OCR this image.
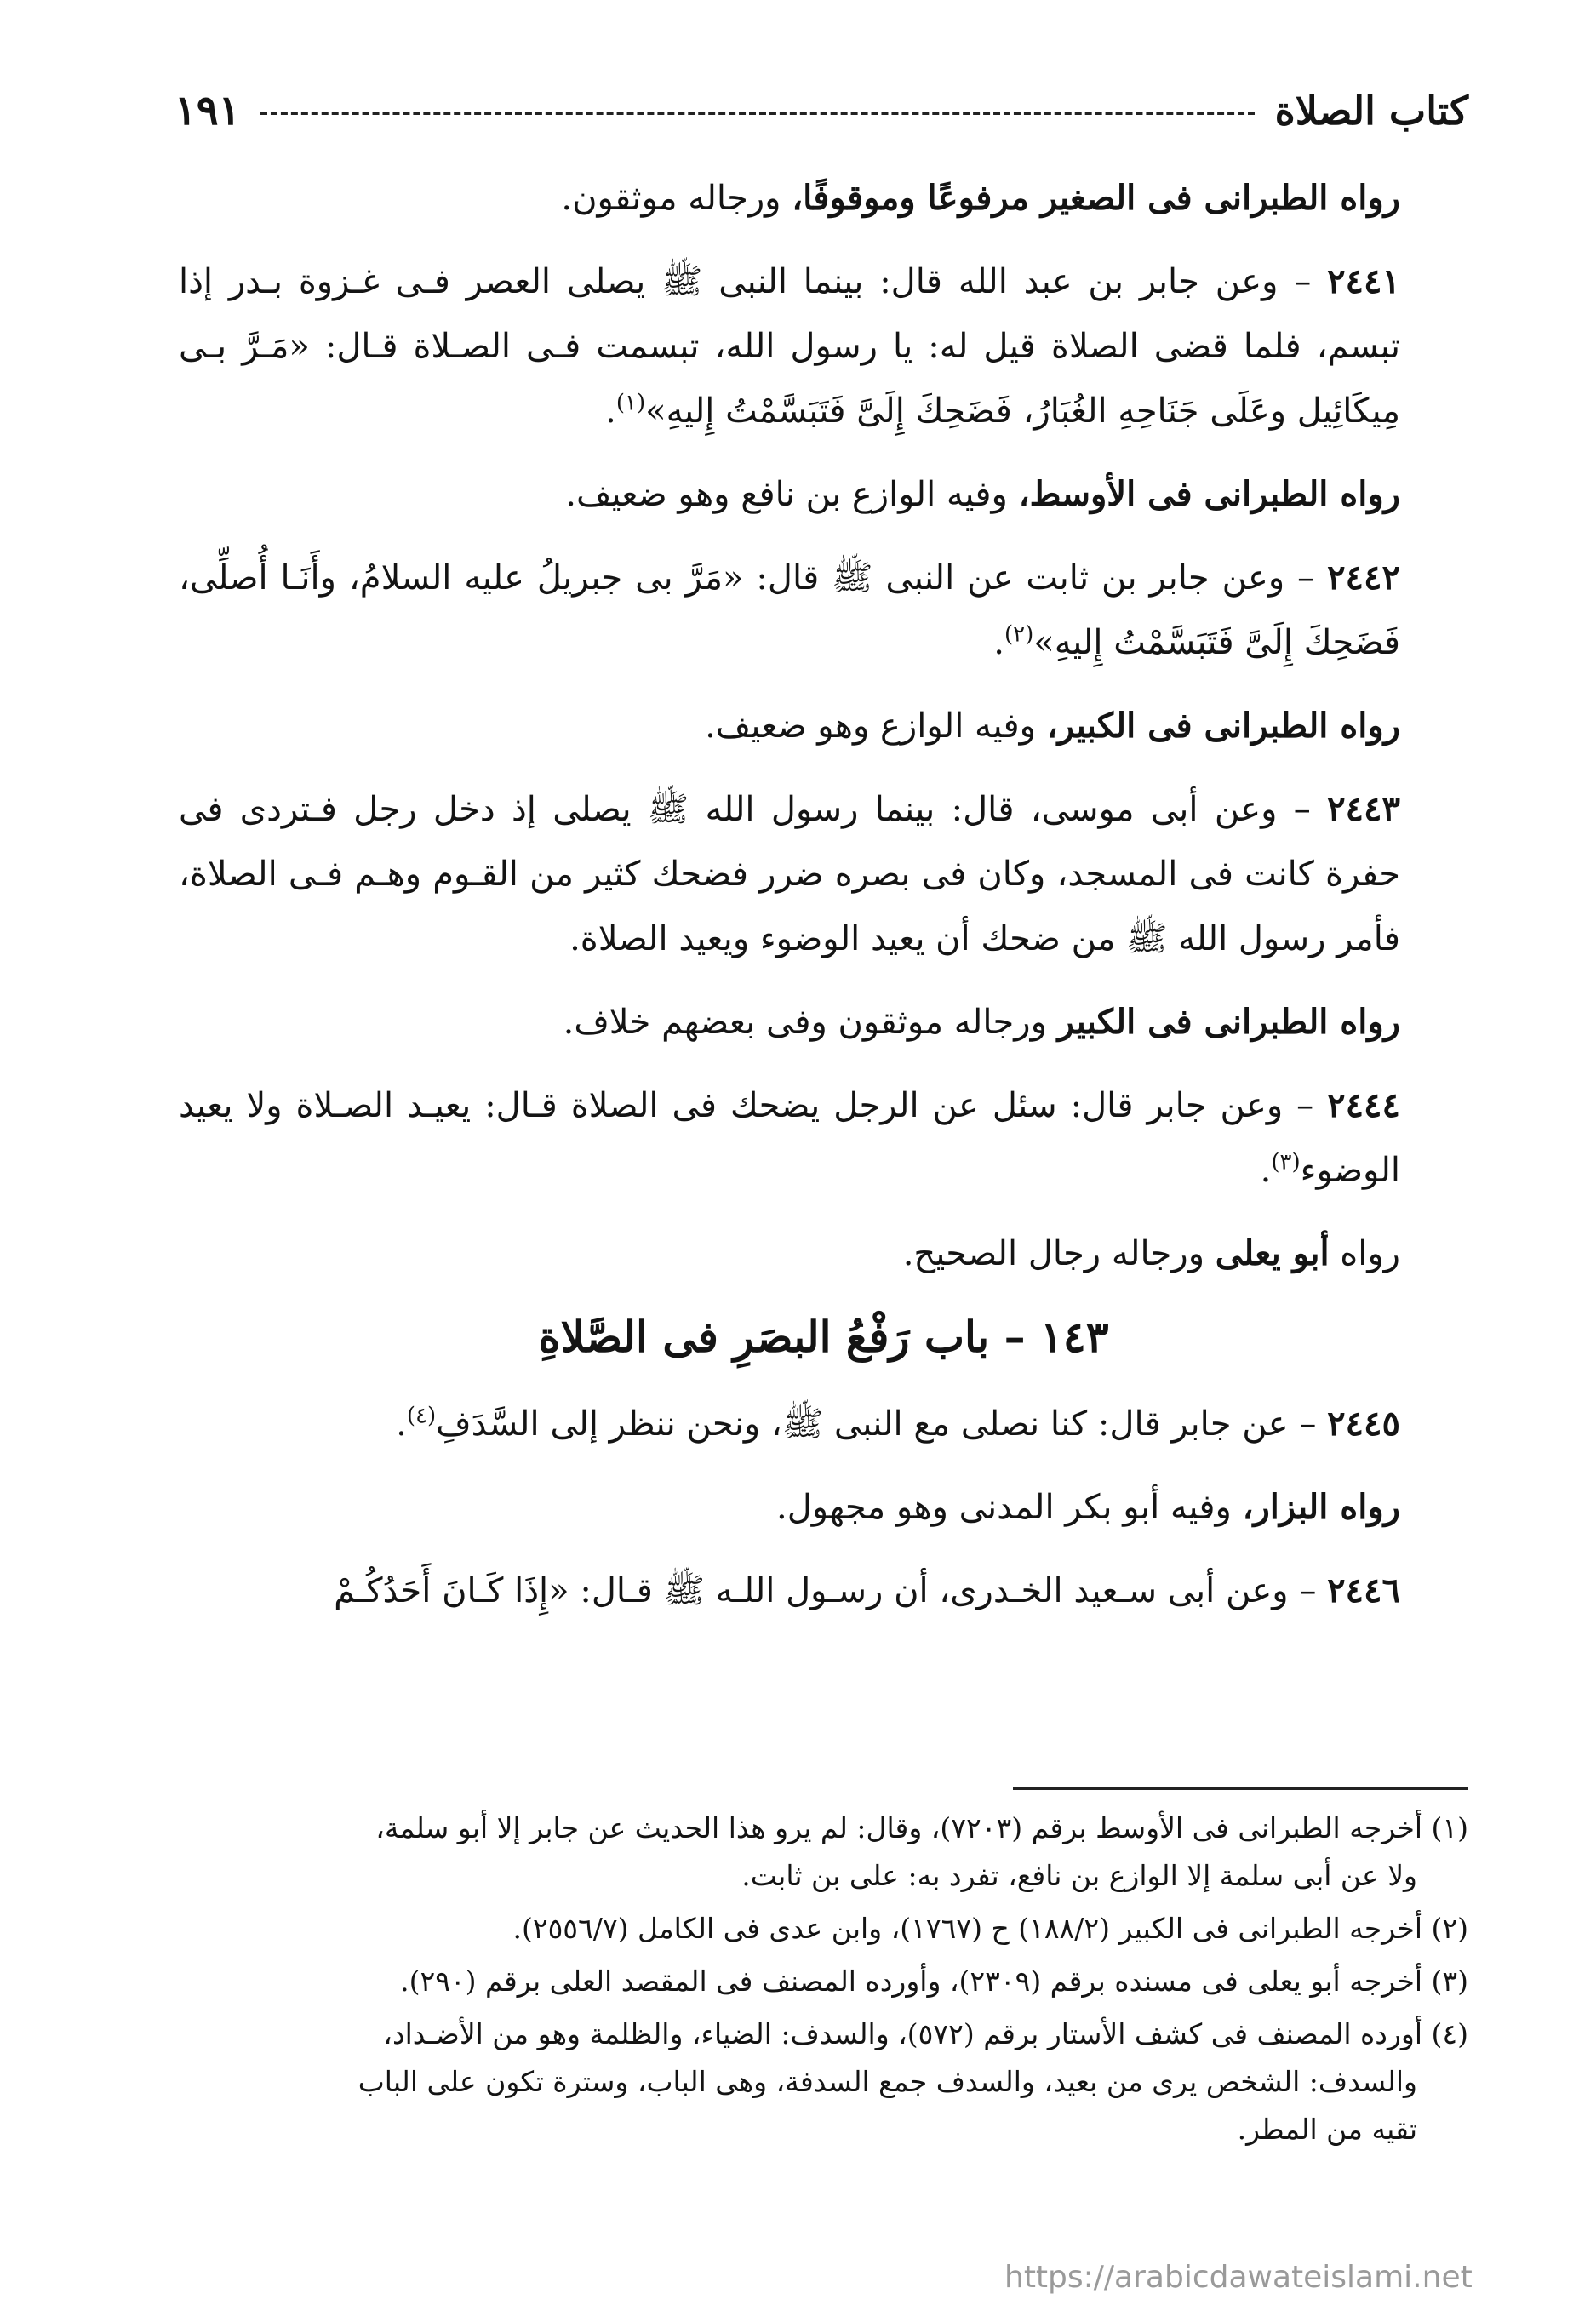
كتاب الصلاة
١٩١

رواه الطبرانى فى الصغير مرفوعًا وموقوفًا، ورجاله موثقون.

٢٤٤١ – وعن جابر بن عبد الله قال: بينما النبى ﷺ يصلى العصر فـى غـزوة بـدر إذا تبسم، فلما قضى الصلاة قيل له: يا رسول الله، تبسمت فـى الصـلاة قـال: «مَـرَّ بـى مِيكَائِيل وعَلَى جَنَاحِهِ الغُبَارُ، فَضَحِكَ إِلَىَّ فَتَبَسَّمْتُ إِليهِ»$^{(١)}$.

رواه الطبرانى فى الأوسط، وفيه الوازع بن نافع وهو ضعيف.

٢٤٤٢ – وعن جابر بن ثابت عن النبى ﷺ قال: «مَرَّ بى جبريلُ عليه السلامُ، وأَنَـا أُصلِّى، فَضَحِكَ إِلَىَّ فَتَبَسَّمْتُ إِليهِ»$^{(٢)}$.

رواه الطبرانى فى الكبير، وفيه الوازع وهو ضعيف.

٢٤٤٣ – وعن أبى موسى، قال: بينما رسول الله ﷺ يصلى إذ دخل رجل فـتردى فى حفرة كانت فى المسجد، وكان فى بصره ضرر فضحك كثير من القـوم وهـم فـى الصلاة، فأمر رسول الله ﷺ من ضحك أن يعيد الوضوء ويعيد الصلاة.

رواه الطبرانى فى الكبير ورجاله موثقون وفى بعضهم خلاف.

٢٤٤٤ – وعن جابر قال: سئل عن الرجل يضحك فى الصلاة قـال: يعيـد الصـلاة ولا يعيد الوضوء$^{(٣)}$.

رواه أبو يعلى ورجاله رجال الصحيح.

١٤٣ – باب رَفْعُ البصَرِ فى الصَّلاةِ

٢٤٤٥ – عن جابر قال: كنا نصلى مع النبى ﷺ، ونحن ننظر إلى السَّدَفِ$^{(٤)}$.

رواه البزار، وفيه أبو بكر المدنى وهو مجهول.

٢٤٤٦ – وعن أبى سـعيد الخـدرى، أن رسـول اللـه ﷺ قـال: «إِذَا كَـانَ أَحَدُكُـمْ

(١) أخرجه الطبرانى فى الأوسط برقم (٧٢٠٣)، وقال: لم يرو هذا الحديث عن جابر إلا أبو سلمة،
ولا عن أبى سلمة إلا الوازع بن نافع، تفرد به: على بن ثابت.

(٢) أخرجه الطبرانى فى الكبير (١٨٨/٢) ح (١٧٦٧)، وابن عدى فى الكامل (٢٥٥٦/٧).

(٣) أخرجه أبو يعلى فى مسنده برقم (٢٣٠٩)، وأورده المصنف فى المقصد العلى برقم (٢٩٠).

(٤) أورده المصنف فى كشف الأستار برقم (٥٧٢)، والسدف: الضياء، والظلمة وهو من الأضـداد،
والسدف: الشخص يرى من بعيد، والسدف جمع السدفة، وهى الباب، وسترة تكون على الباب
تقيه من المطر.

https://arabicdawateislami.net
